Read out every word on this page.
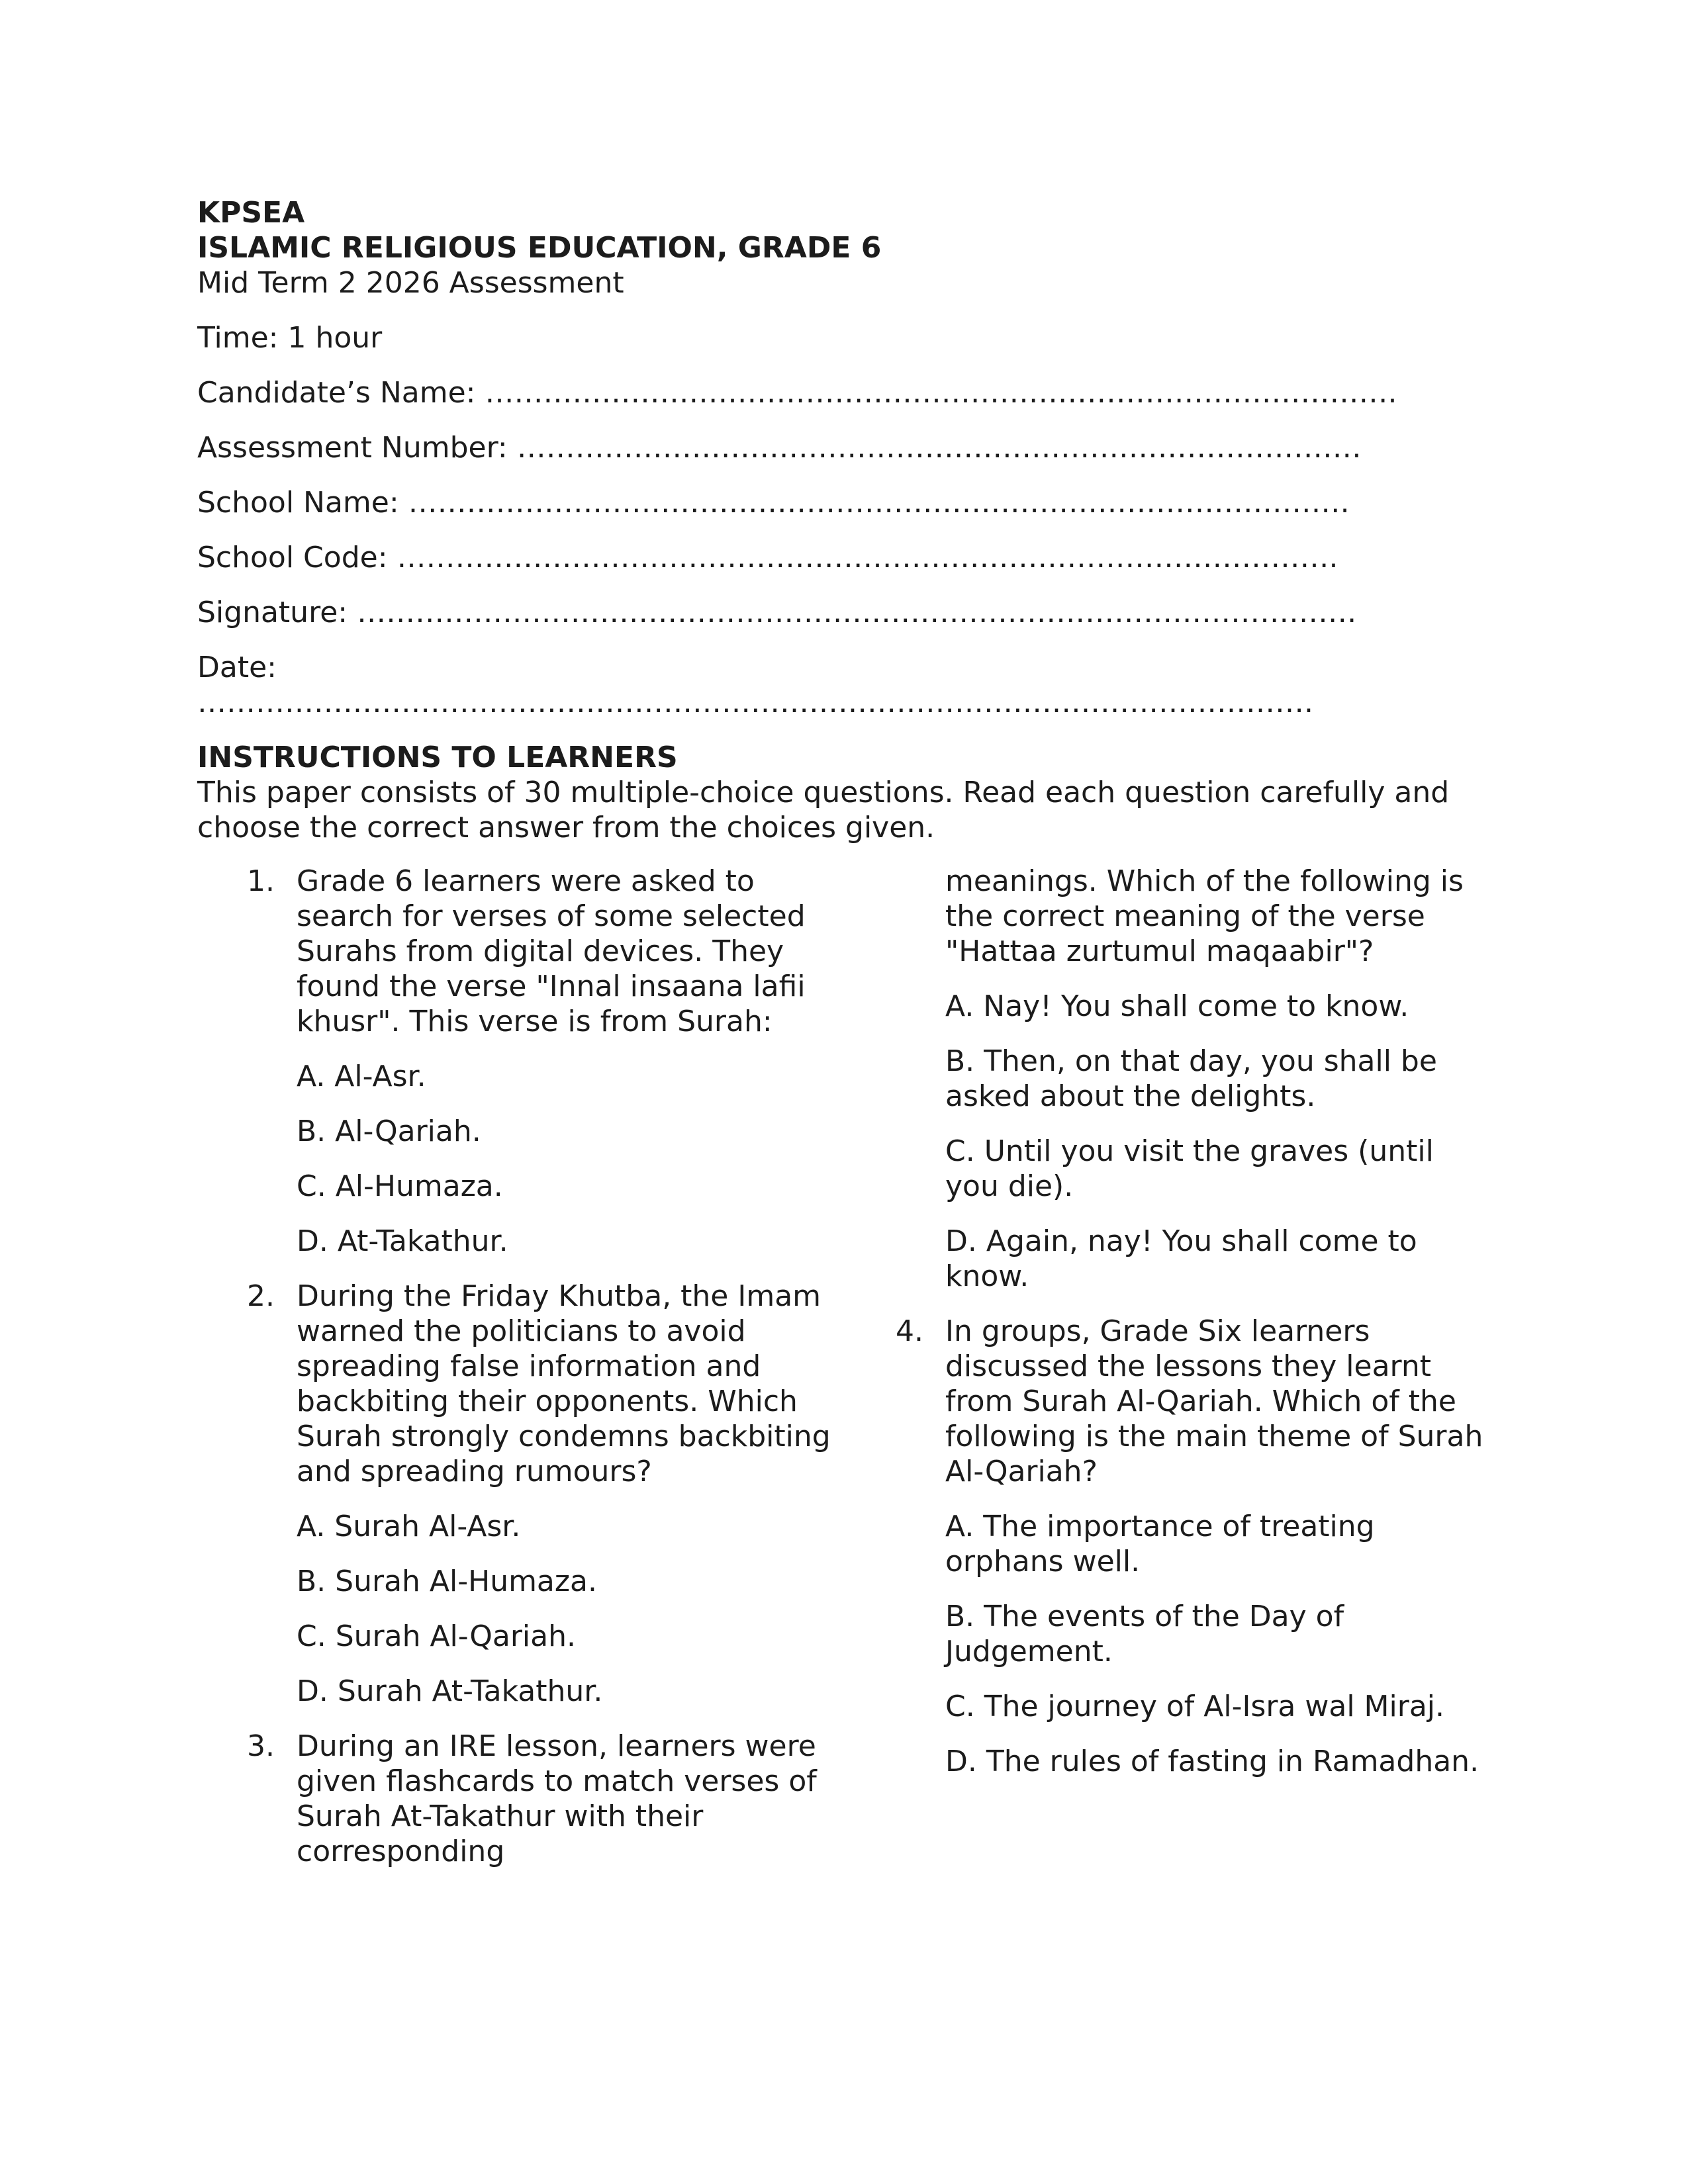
KPSEA

ISLAMIC RELIGIOUS EDUCATION, GRADE 6

Mid Term 2 2026 Assessment

Time: 1 hour

Candidate’s Name: ………………………………………………………………………………….

Assessment Number: ……………………………………………………………………………

School Name: …………………………………………………………………………………….

School Code: …………………………………………………………………………………….

Signature: ………………………………………………………………………………………….

Date:

…………………………………………………………………………………………………….

INSTRUCTIONS TO LEARNERS

This paper consists of 30 multiple-choice questions. Read each question carefully and choose the correct answer from the choices given.

1. Grade 6 learners were asked to search for verses of some selected Surahs from digital devices. They found the verse "Innal insaana lafii khusr". This verse is from Surah:

A. Al-Asr.

B. Al-Qariah.

C. Al-Humaza.

D. At-Takathur.

2. During the Friday Khutba, the Imam warned the politicians to avoid spreading false information and backbiting their opponents. Which Surah strongly condemns backbiting and spreading rumours?

A. Surah Al-Asr.

B. Surah Al-Humaza.

C. Surah Al-Qariah.

D. Surah At-Takathur.

3. During an IRE lesson, learners were given flashcards to match verses of Surah At-Takathur with their corresponding

meanings. Which of the following is the correct meaning of the verse "Hattaa zurtumul maqaabir"?

A. Nay! You shall come to know.

B. Then, on that day, you shall be asked about the delights.

C. Until you visit the graves (until you die).

D. Again, nay! You shall come to know.

4. In groups, Grade Six learners discussed the lessons they learnt from Surah Al-Qariah. Which of the following is the main theme of Surah Al-Qariah?

A. The importance of treating orphans well.

B. The events of the Day of Judgement.

C. The journey of Al-Isra wal Miraj.

D. The rules of fasting in Ramadhan.
